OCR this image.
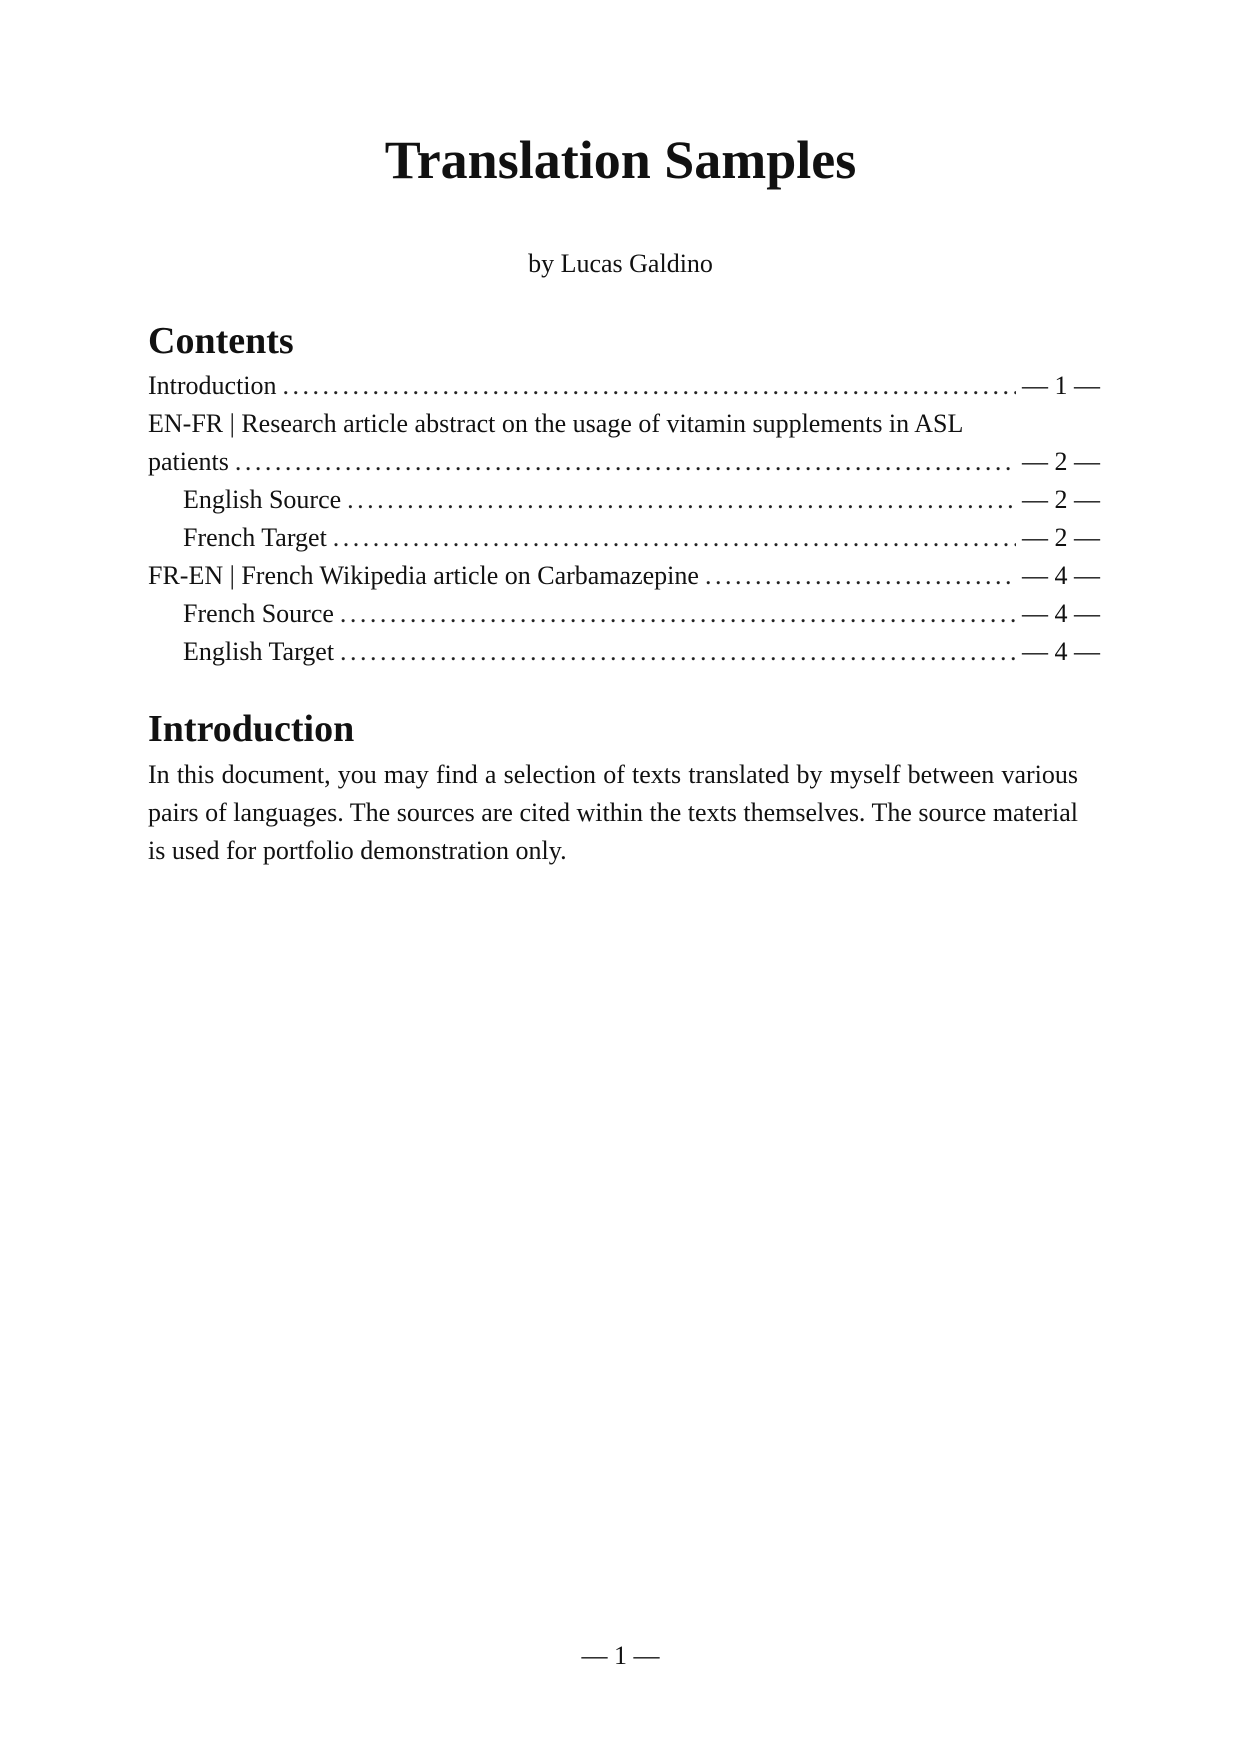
Translation Samples
by Lucas Galdino
Contents
Introduction . . .	— 1 —
EN-FR | Research article abstract on the usage of vitamin supplements in ASL
patients . . .	— 2 —
English Source . . .	— 2 —
French Target . . .	— 2 —
FR-EN | French Wikipedia article on Carbamazepine . . .	— 4 —
French Source . . .	— 4 —
English Target . . .	— 4 —
Introduction

In this document, you may find a selection of texts translated by myself between various pairs of languages. The sources are cited within the texts themselves. The source material is used for portfolio demonstration only.

— 1 —
